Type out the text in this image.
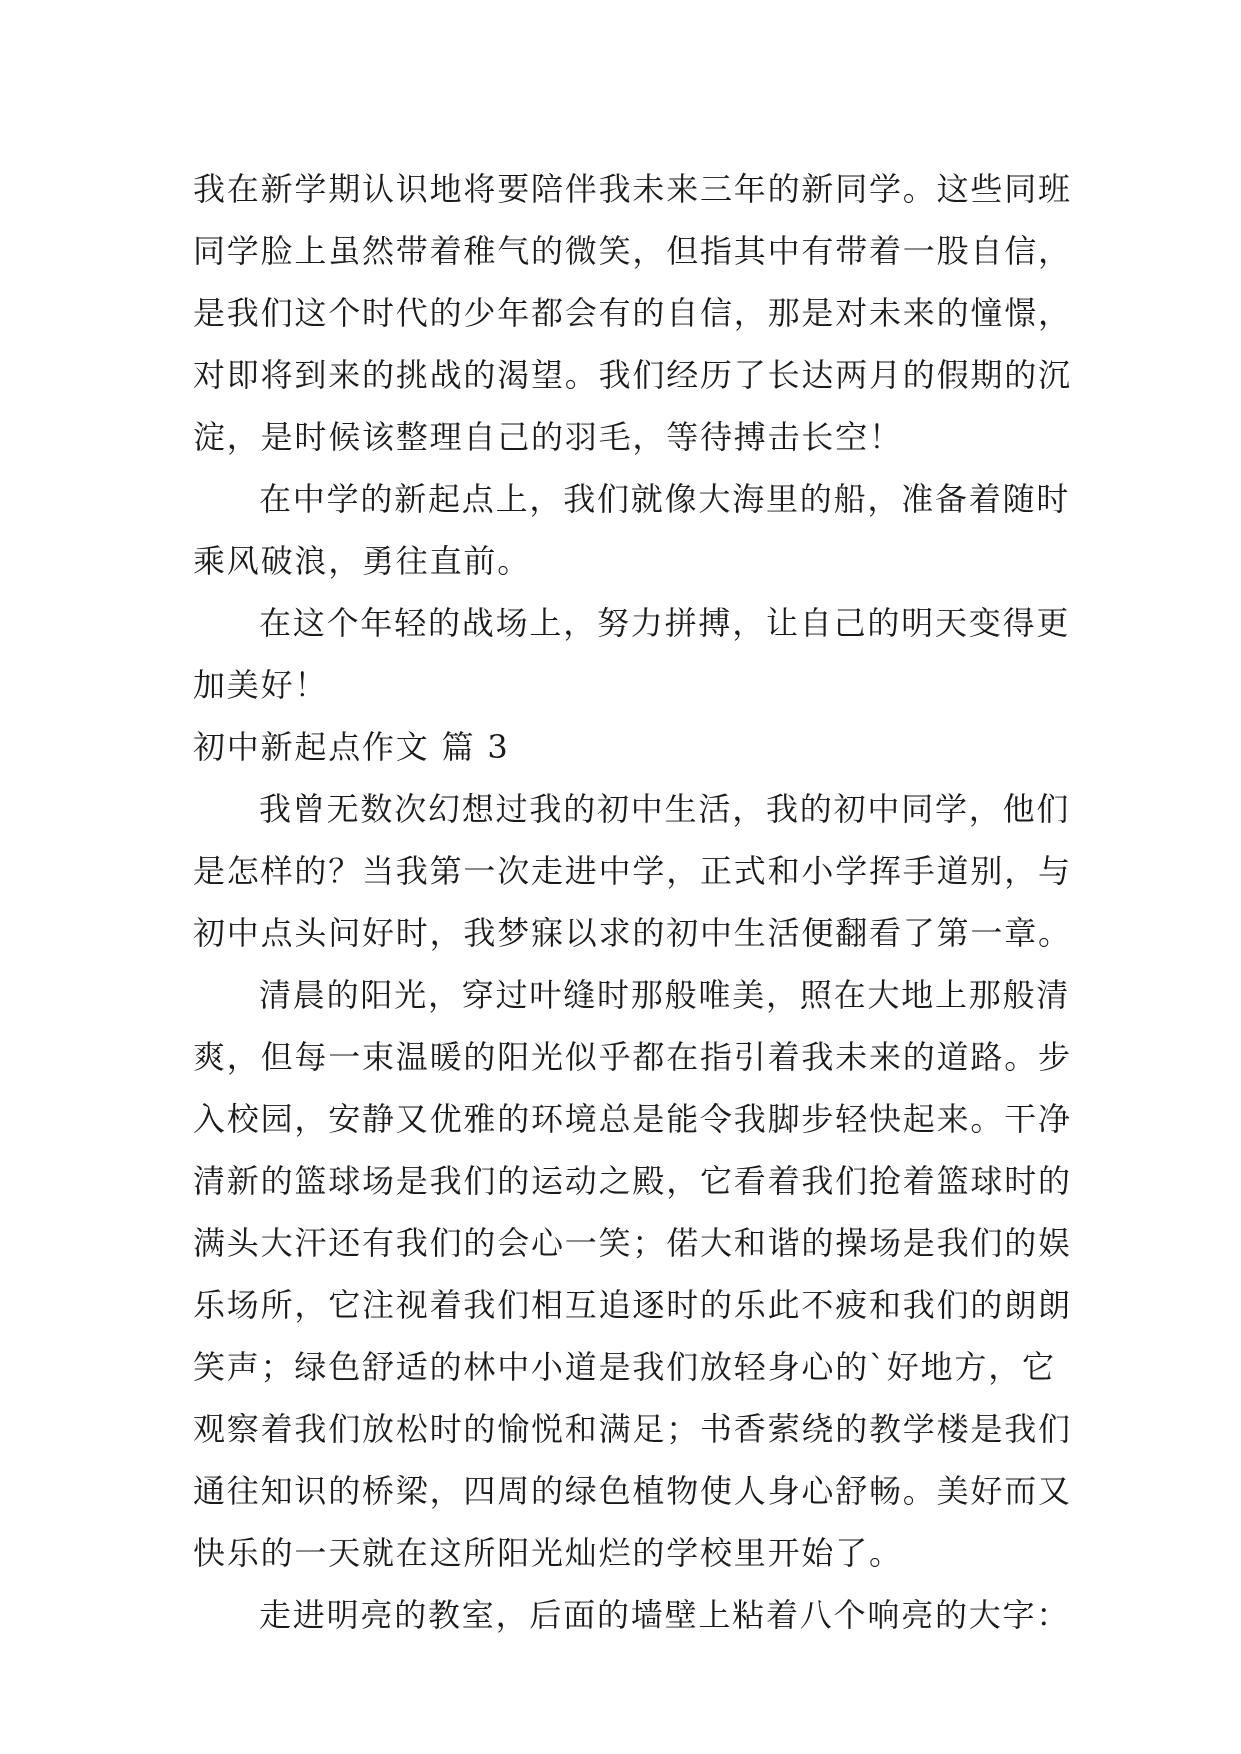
我在新学期认识地将要陪伴我未来三年的新同学。这些同班
同学脸上虽然带着稚气的微笑，但指其中有带着一股自信，
是我们这个时代的少年都会有的自信，那是对未来的憧憬，
对即将到来的挑战的渴望。我们经历了长达两月的假期的沉
淀，是时候该整理自己的羽毛，等待搏击长空！

在中学的新起点上，我们就像大海里的船，准备着随时
乘风破浪，勇往直前。

在这个年轻的战场上，努力拼搏，让自己的明天变得更
加美好！

初中新起点作文 篇 3

我曾无数次幻想过我的初中生活，我的初中同学，他们
是怎样的？当我第一次走进中学，正式和小学挥手道别，与
初中点头问好时，我梦寐以求的初中生活便翻看了第一章。

清晨的阳光，穿过叶缝时那般唯美，照在大地上那般清
爽，但每一束温暖的阳光似乎都在指引着我未来的道路。步
入校园，安静又优雅的环境总是能令我脚步轻快起来。干净
清新的篮球场是我们的运动之殿，它看着我们抢着篮球时的
满头大汗还有我们的会心一笑；偌大和谐的操场是我们的娱
乐场所，它注视着我们相互追逐时的乐此不疲和我们的朗朗
笑声；绿色舒适的林中小道是我们放轻身心的`好地方，它
观察着我们放松时的愉悦和满足；书香萦绕的教学楼是我们
通往知识的桥梁，四周的绿色植物使人身心舒畅。美好而又
快乐的一天就在这所阳光灿烂的学校里开始了。

走进明亮的教室，后面的墙壁上粘着八个响亮的大字：
